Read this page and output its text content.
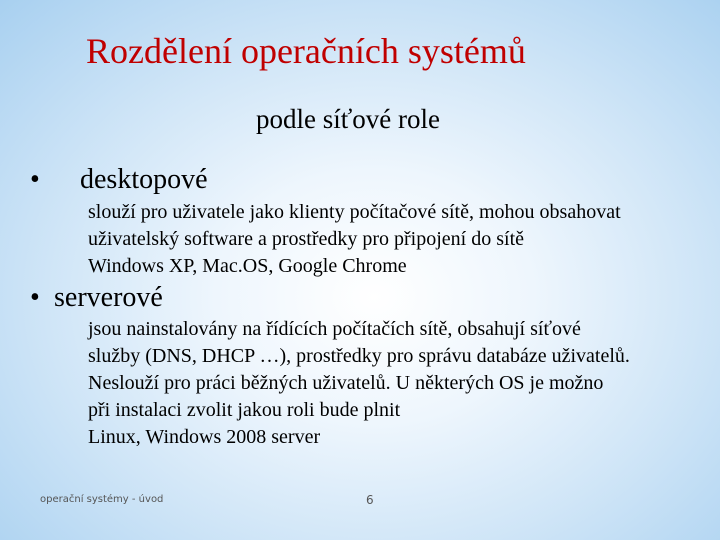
Rozdělení operačních systémů
podle síťové role
• desktopové
slouží pro uživatele jako klienty počítačové sítě, mohou obsahovat
uživatelský software a prostředky pro připojení do sítě
Windows XP, Mac.OS, Google Chrome
• serverové
jsou nainstalovány na řídících počítačích sítě, obsahují síťové
služby (DNS, DHCP …), prostředky pro správu databáze uživatelů.
Neslouží pro práci běžných uživatelů. U některých OS je možno
při instalaci zvolit jakou roli bude plnit
Linux, Windows 2008 server
operační systémy - úvod	6
